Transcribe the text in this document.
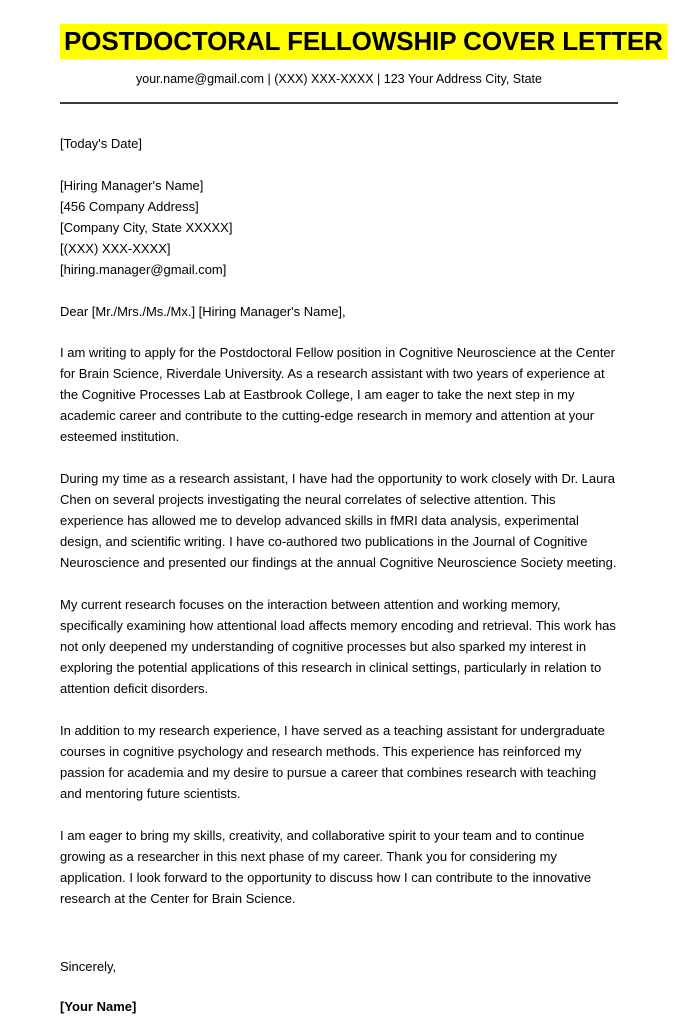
POSTDOCTORAL FELLOWSHIP COVER LETTER

your.name@gmail.com | (XXX) XXX-XXXX | 123 Your Address City, State

[Today's Date]

[Hiring Manager's Name]
[456 Company Address]
[Company City, State XXXXX]
[(XXX) XXX-XXXX]
[hiring.manager@gmail.com]

Dear [Mr./Mrs./Ms./Mx.] [Hiring Manager's Name],

I am writing to apply for the Postdoctoral Fellow position in Cognitive Neuroscience at the Center for Brain Science, Riverdale University. As a research assistant with two years of experience at the Cognitive Processes Lab at Eastbrook College, I am eager to take the next step in my academic career and contribute to the cutting-edge research in memory and attention at your esteemed institution.

During my time as a research assistant, I have had the opportunity to work closely with Dr. Laura Chen on several projects investigating the neural correlates of selective attention. This experience has allowed me to develop advanced skills in fMRI data analysis, experimental design, and scientific writing. I have co-authored two publications in the Journal of Cognitive Neuroscience and presented our findings at the annual Cognitive Neuroscience Society meeting.

My current research focuses on the interaction between attention and working memory, specifically examining how attentional load affects memory encoding and retrieval. This work has not only deepened my understanding of cognitive processes but also sparked my interest in exploring the potential applications of this research in clinical settings, particularly in relation to attention deficit disorders.

In addition to my research experience, I have served as a teaching assistant for undergraduate courses in cognitive psychology and research methods. This experience has reinforced my passion for academia and my desire to pursue a career that combines research with teaching and mentoring future scientists.

I am eager to bring my skills, creativity, and collaborative spirit to your team and to continue growing as a researcher in this next phase of my career. Thank you for considering my application. I look forward to the opportunity to discuss how I can contribute to the innovative research at the Center for Brain Science.

Sincerely,

[Your Name]
